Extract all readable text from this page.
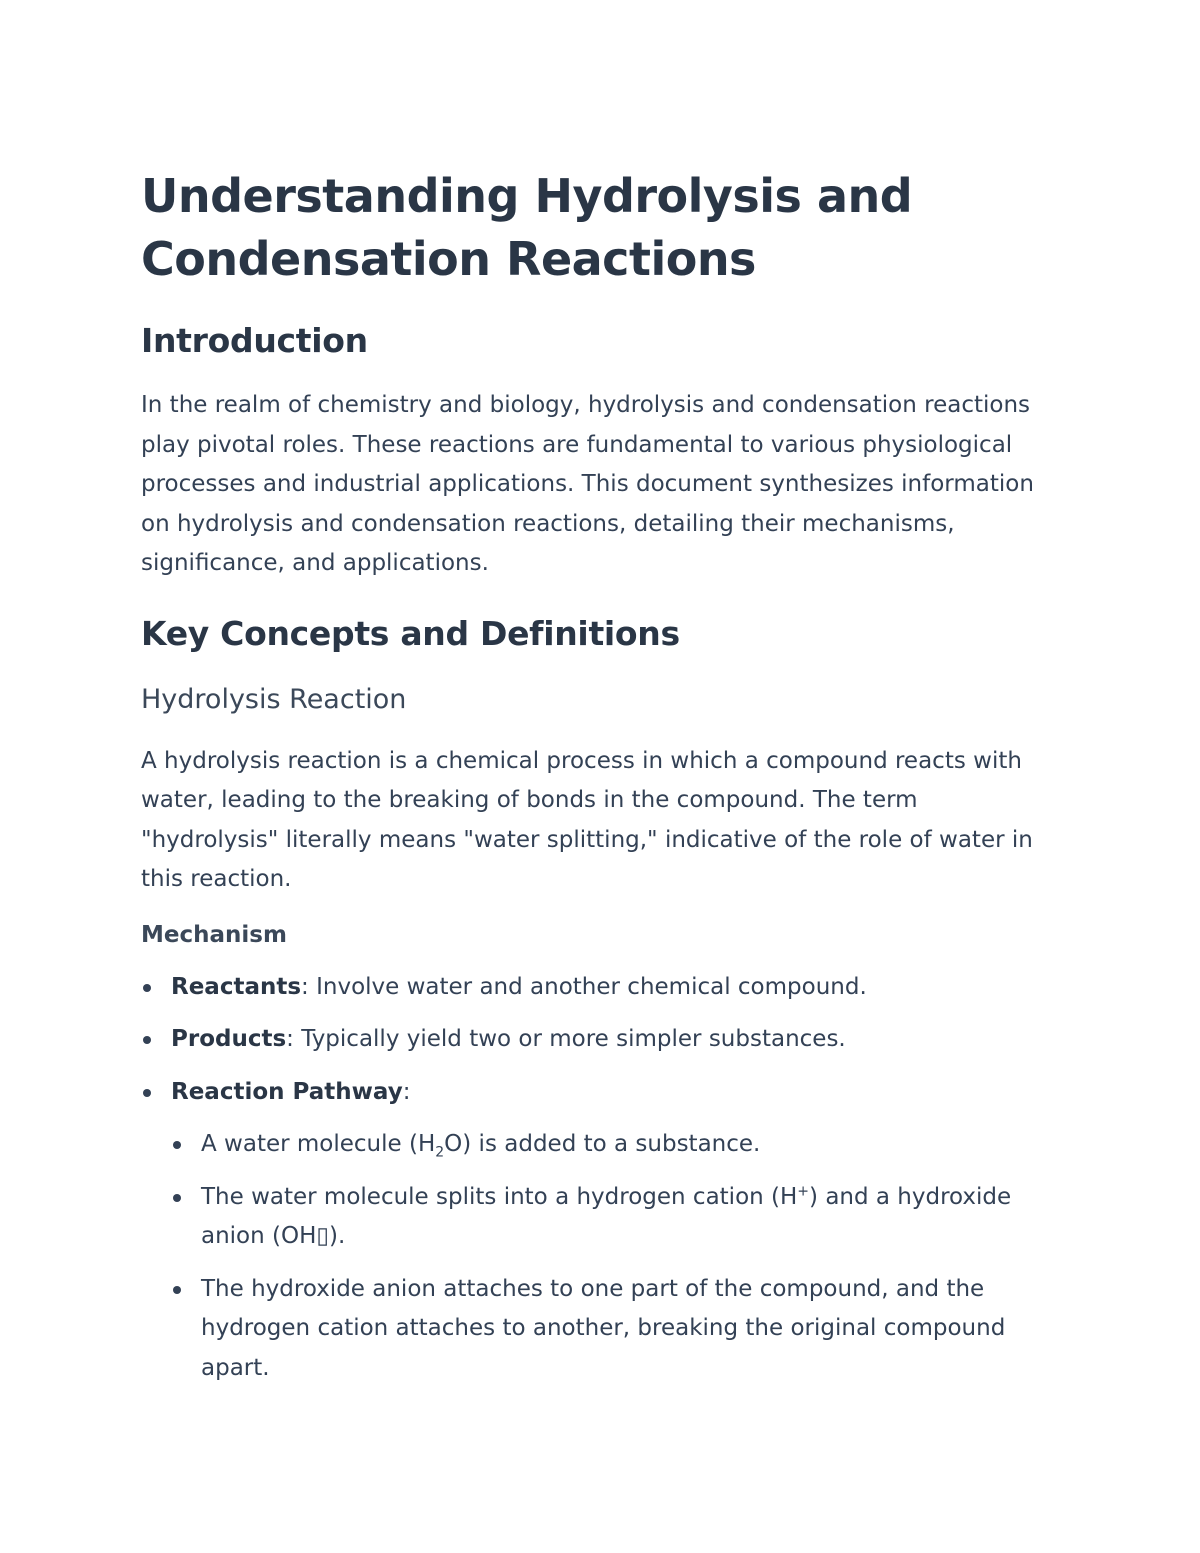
Understanding Hydrolysis and Condensation Reactions
Introduction

In the realm of chemistry and biology, hydrolysis and condensation reactions play pivotal roles. These reactions are fundamental to various physiological processes and industrial applications. This document synthesizes information on hydrolysis and condensation reactions, detailing their mechanisms, significance, and applications.

Key Concepts and Definitions
Hydrolysis Reaction

A hydrolysis reaction is a chemical process in which a compound reacts with water, leading to the breaking of bonds in the compound. The term "hydrolysis" literally means "water splitting," indicative of the role of water in this reaction.

Mechanism
Reactants: Involve water and another chemical compound.
Products: Typically yield two or more simpler substances.
Reaction Pathway:
A water molecule $(H_2O)$ is added to a substance.
The water molecule splits into a hydrogen cation (H+) and a hydroxide anion (OH▯).
The hydroxide anion attaches to one part of the compound, and the hydrogen cation attaches to another, breaking the original compound apart.
